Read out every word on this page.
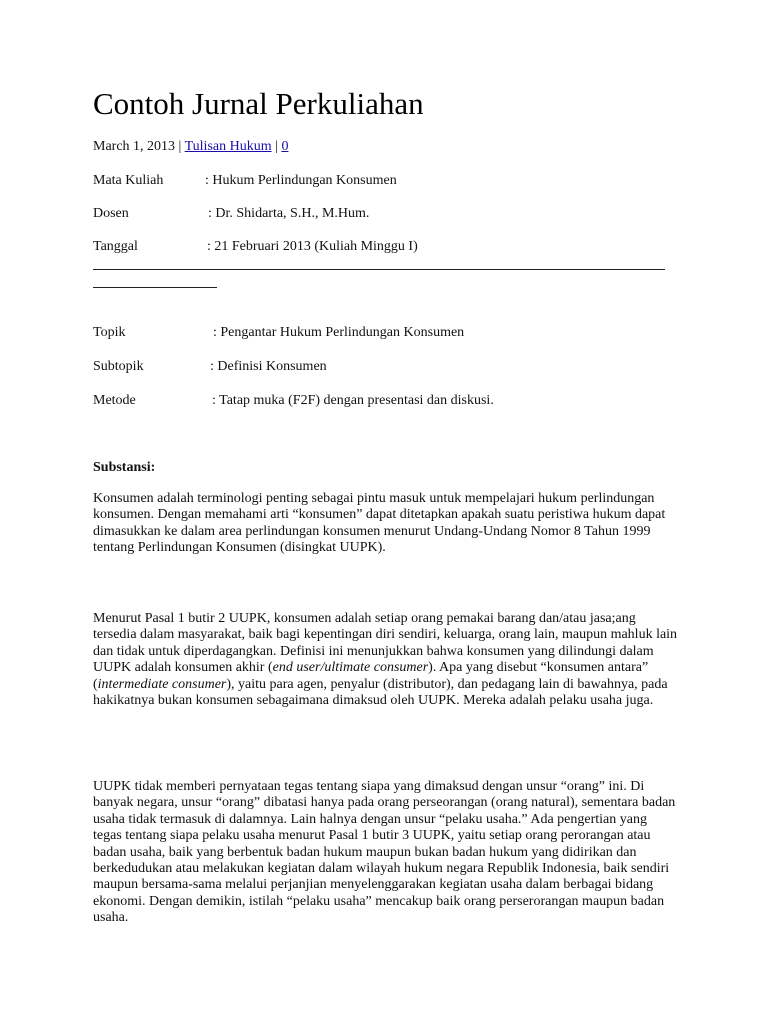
Contoh Jurnal Perkuliahan
March 1, 2013 | Tulisan Hukum | 0
Mata Kuliah	: Hukum Perlindungan Konsumen
Dosen	: Dr. Shidarta, S.H., M.Hum.
Tanggal	: 21 Februari 2013 (Kuliah Minggu I)
Topik	: Pengantar Hukum Perlindungan Konsumen
Subtopik	: Definisi Konsumen
Metode	: Tatap muka (F2F) dengan presentasi dan diskusi.
Substansi:

Konsumen adalah terminologi penting sebagai pintu masuk untuk mempelajari hukum perlindungan konsumen. Dengan memahami arti “konsumen” dapat ditetapkan apakah suatu peristiwa hukum dapat dimasukkan ke dalam area perlindungan konsumen menurut Undang-Undang Nomor 8 Tahun 1999 tentang Perlindungan Konsumen (disingkat UUPK).

Menurut Pasal 1 butir 2 UUPK, konsumen adalah setiap orang pemakai barang dan/atau jasa;ang tersedia dalam masyarakat, baik bagi kepentingan diri sendiri, keluarga, orang lain, maupun mahluk lain dan tidak untuk diperdagangkan. Definisi ini menunjukkan bahwa konsumen yang dilindungi dalam UUPK adalah konsumen akhir (end user/ultimate consumer). Apa yang disebut “konsumen antara” (intermediate consumer), yaitu para agen, penyalur (distributor), dan pedagang lain di bawahnya, pada hakikatnya bukan konsumen sebagaimana dimaksud oleh UUPK. Mereka adalah pelaku usaha juga.

UUPK tidak memberi pernyataan tegas tentang siapa yang dimaksud dengan unsur “orang” ini. Di banyak negara, unsur “orang” dibatasi hanya pada orang perseorangan (orang natural), sementara badan usaha tidak termasuk di dalamnya. Lain halnya dengan unsur “pelaku usaha.” Ada pengertian yang tegas tentang siapa pelaku usaha menurut Pasal 1 butir 3 UUPK, yaitu setiap orang perorangan atau badan usaha, baik yang berbentuk badan hukum maupun bukan badan hukum yang didirikan dan berkedudukan atau melakukan kegiatan dalam wilayah hukum negara Republik Indonesia, baik sendiri maupun bersama-sama melalui perjanjian menyelenggarakan kegiatan usaha dalam berbagai bidang ekonomi. Dengan demikin, istilah “pelaku usaha” mencakup baik orang perserorangan maupun badan usaha.
